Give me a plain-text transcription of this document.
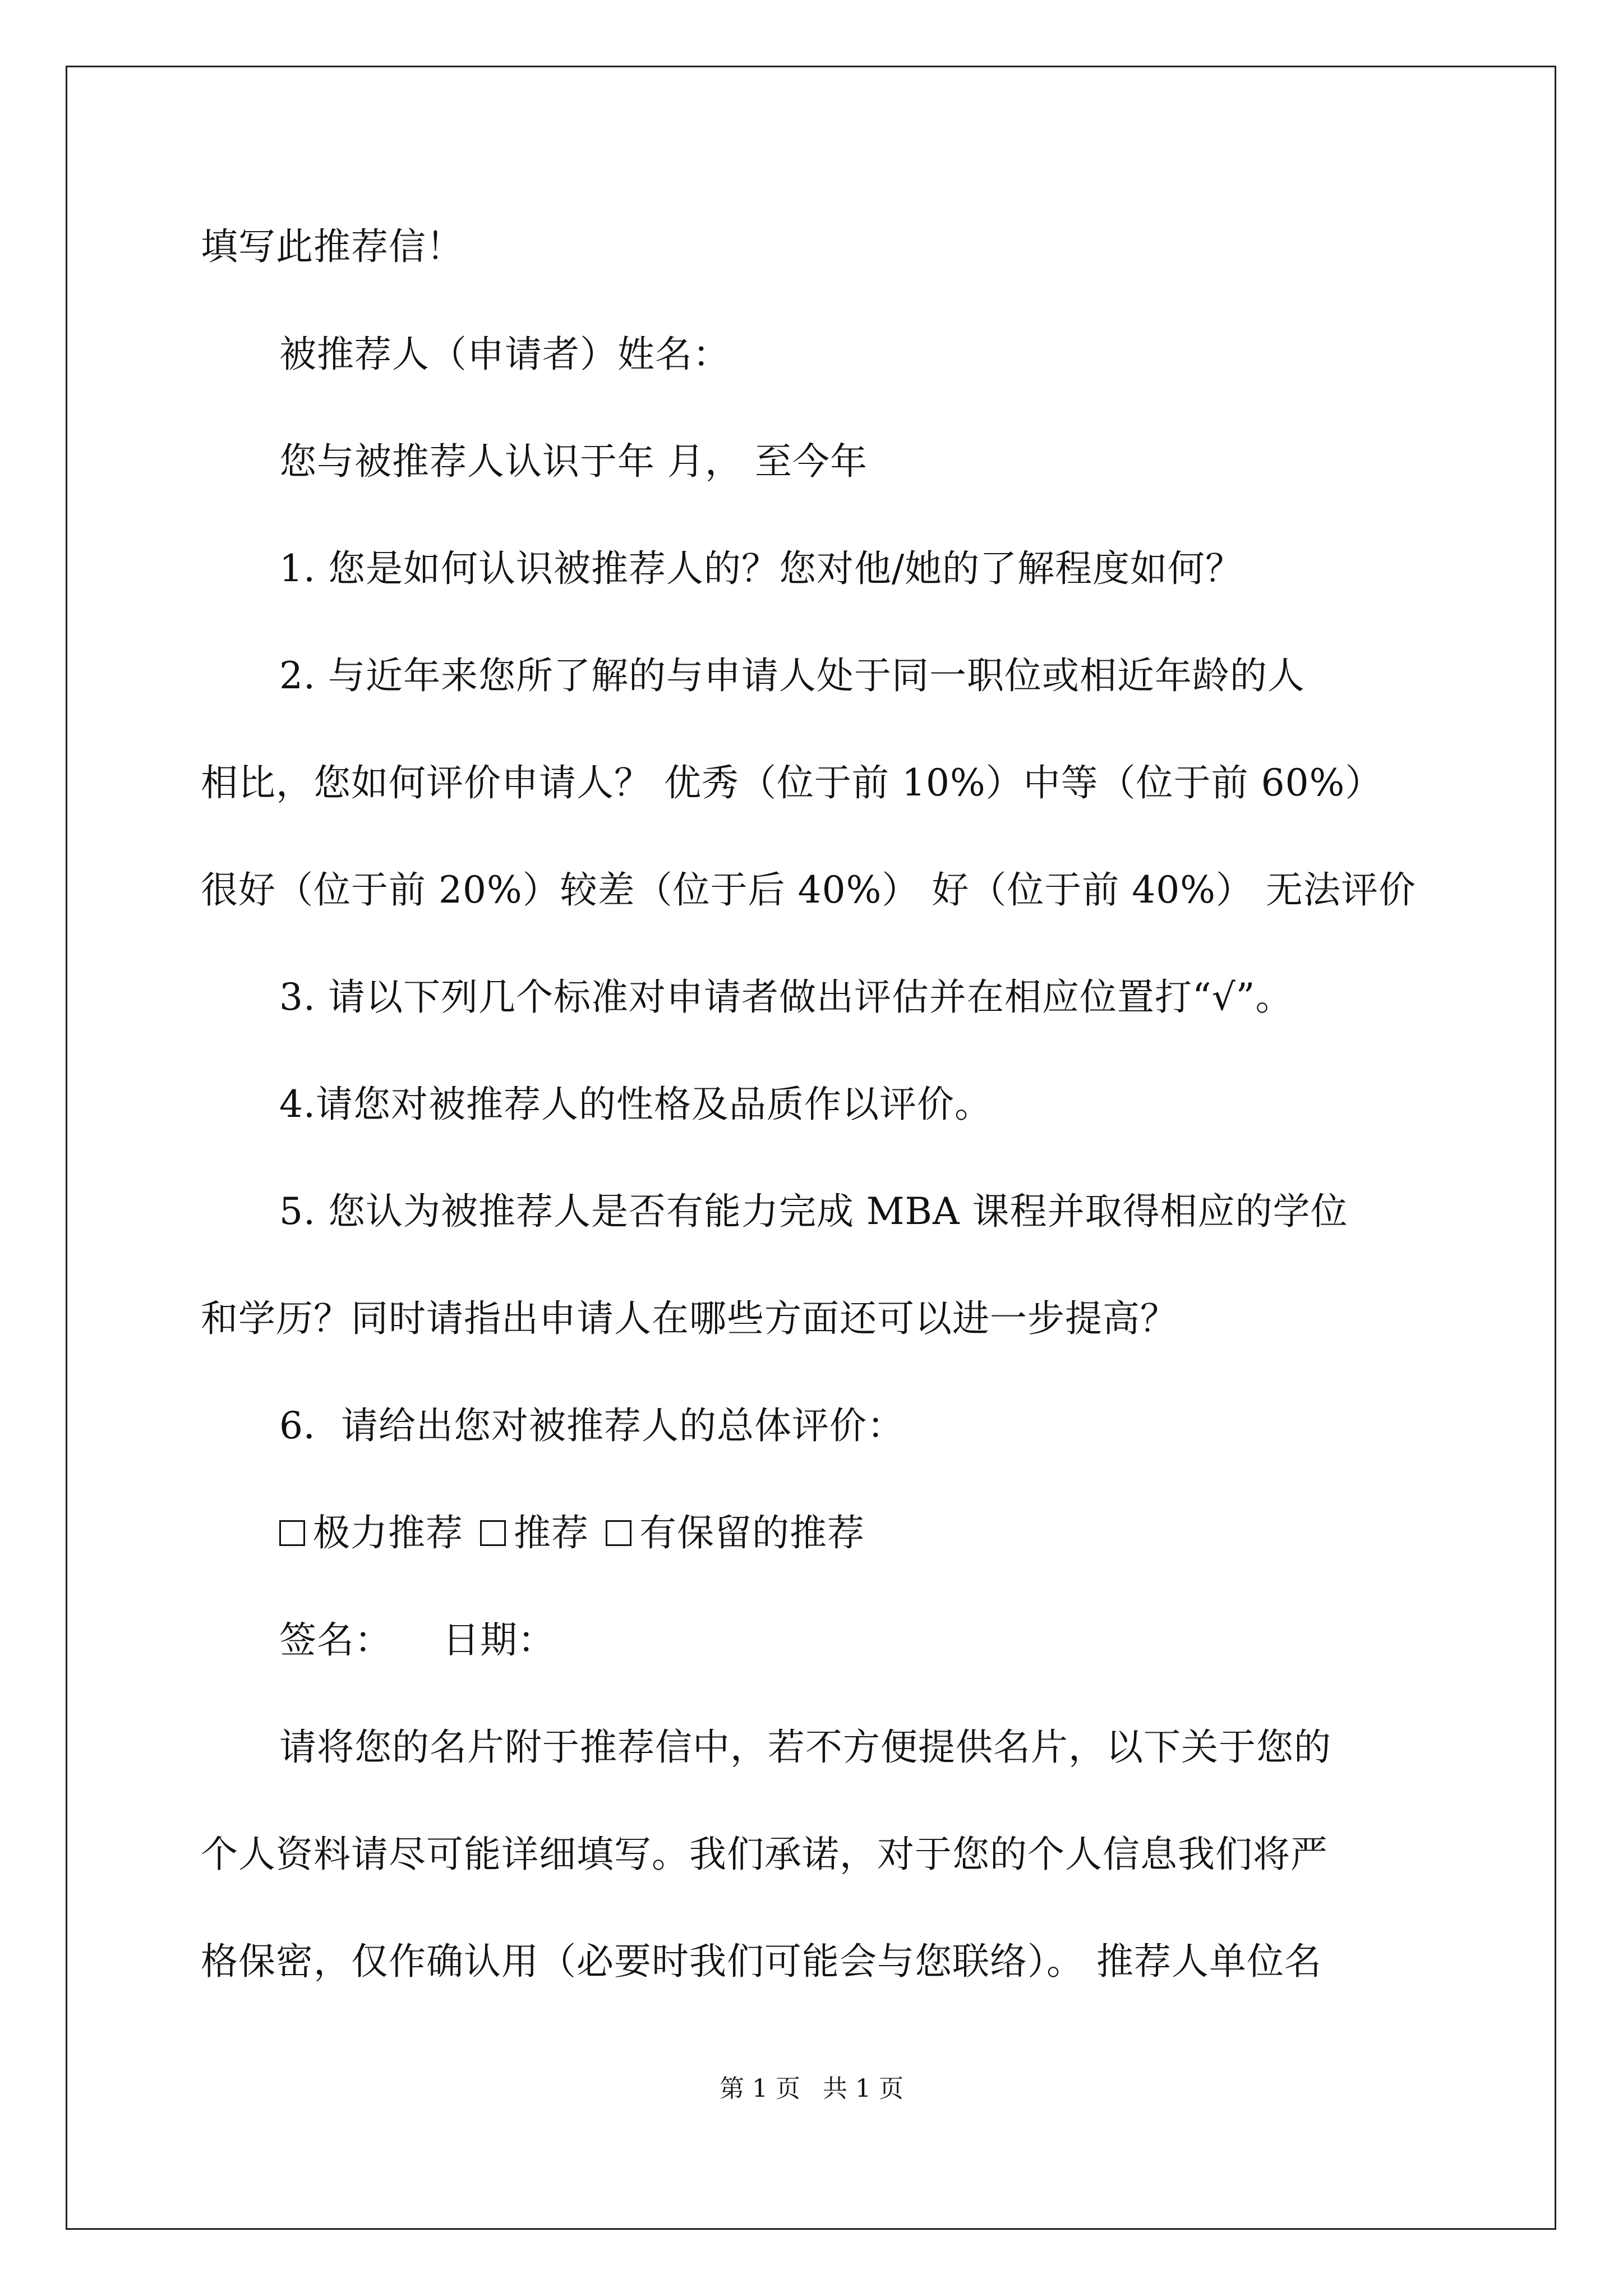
填写此推荐信！
被推荐人（申请者）姓名：
您与被推荐人认识于年 月， 至今年
1. 您是如何认识被推荐人的？您对他/她的了解程度如何？
2. 与近年来您所了解的与申请人处于同一职位或相近年龄的人
相比，您如何评价申请人？ 优秀（位于前 10%）中等（位于前 60%）
很好（位于前 20%）较差（位于后 40%） 好（位于前 40%） 无法评价
3. 请以下列几个标准对申请者做出评估并在相应位置打“√”。
4.请您对被推荐人的性格及品质作以评价。
5. 您认为被推荐人是否有能力完成 MBA 课程并取得相应的学位
和学历？同时请指出申请人在哪些方面还可以进一步提高？
6．请给出您对被推荐人的总体评价：
极力推荐 推荐 有保留的推荐
签名： 日期：
请将您的名片附于推荐信中，若不方便提供名片，以下关于您的
个人资料请尽可能详细填写。我们承诺，对于您的个人信息我们将严
格保密，仅作确认用（必要时我们可能会与您联络）。 推荐人单位名
第 1 页 共 1 页
